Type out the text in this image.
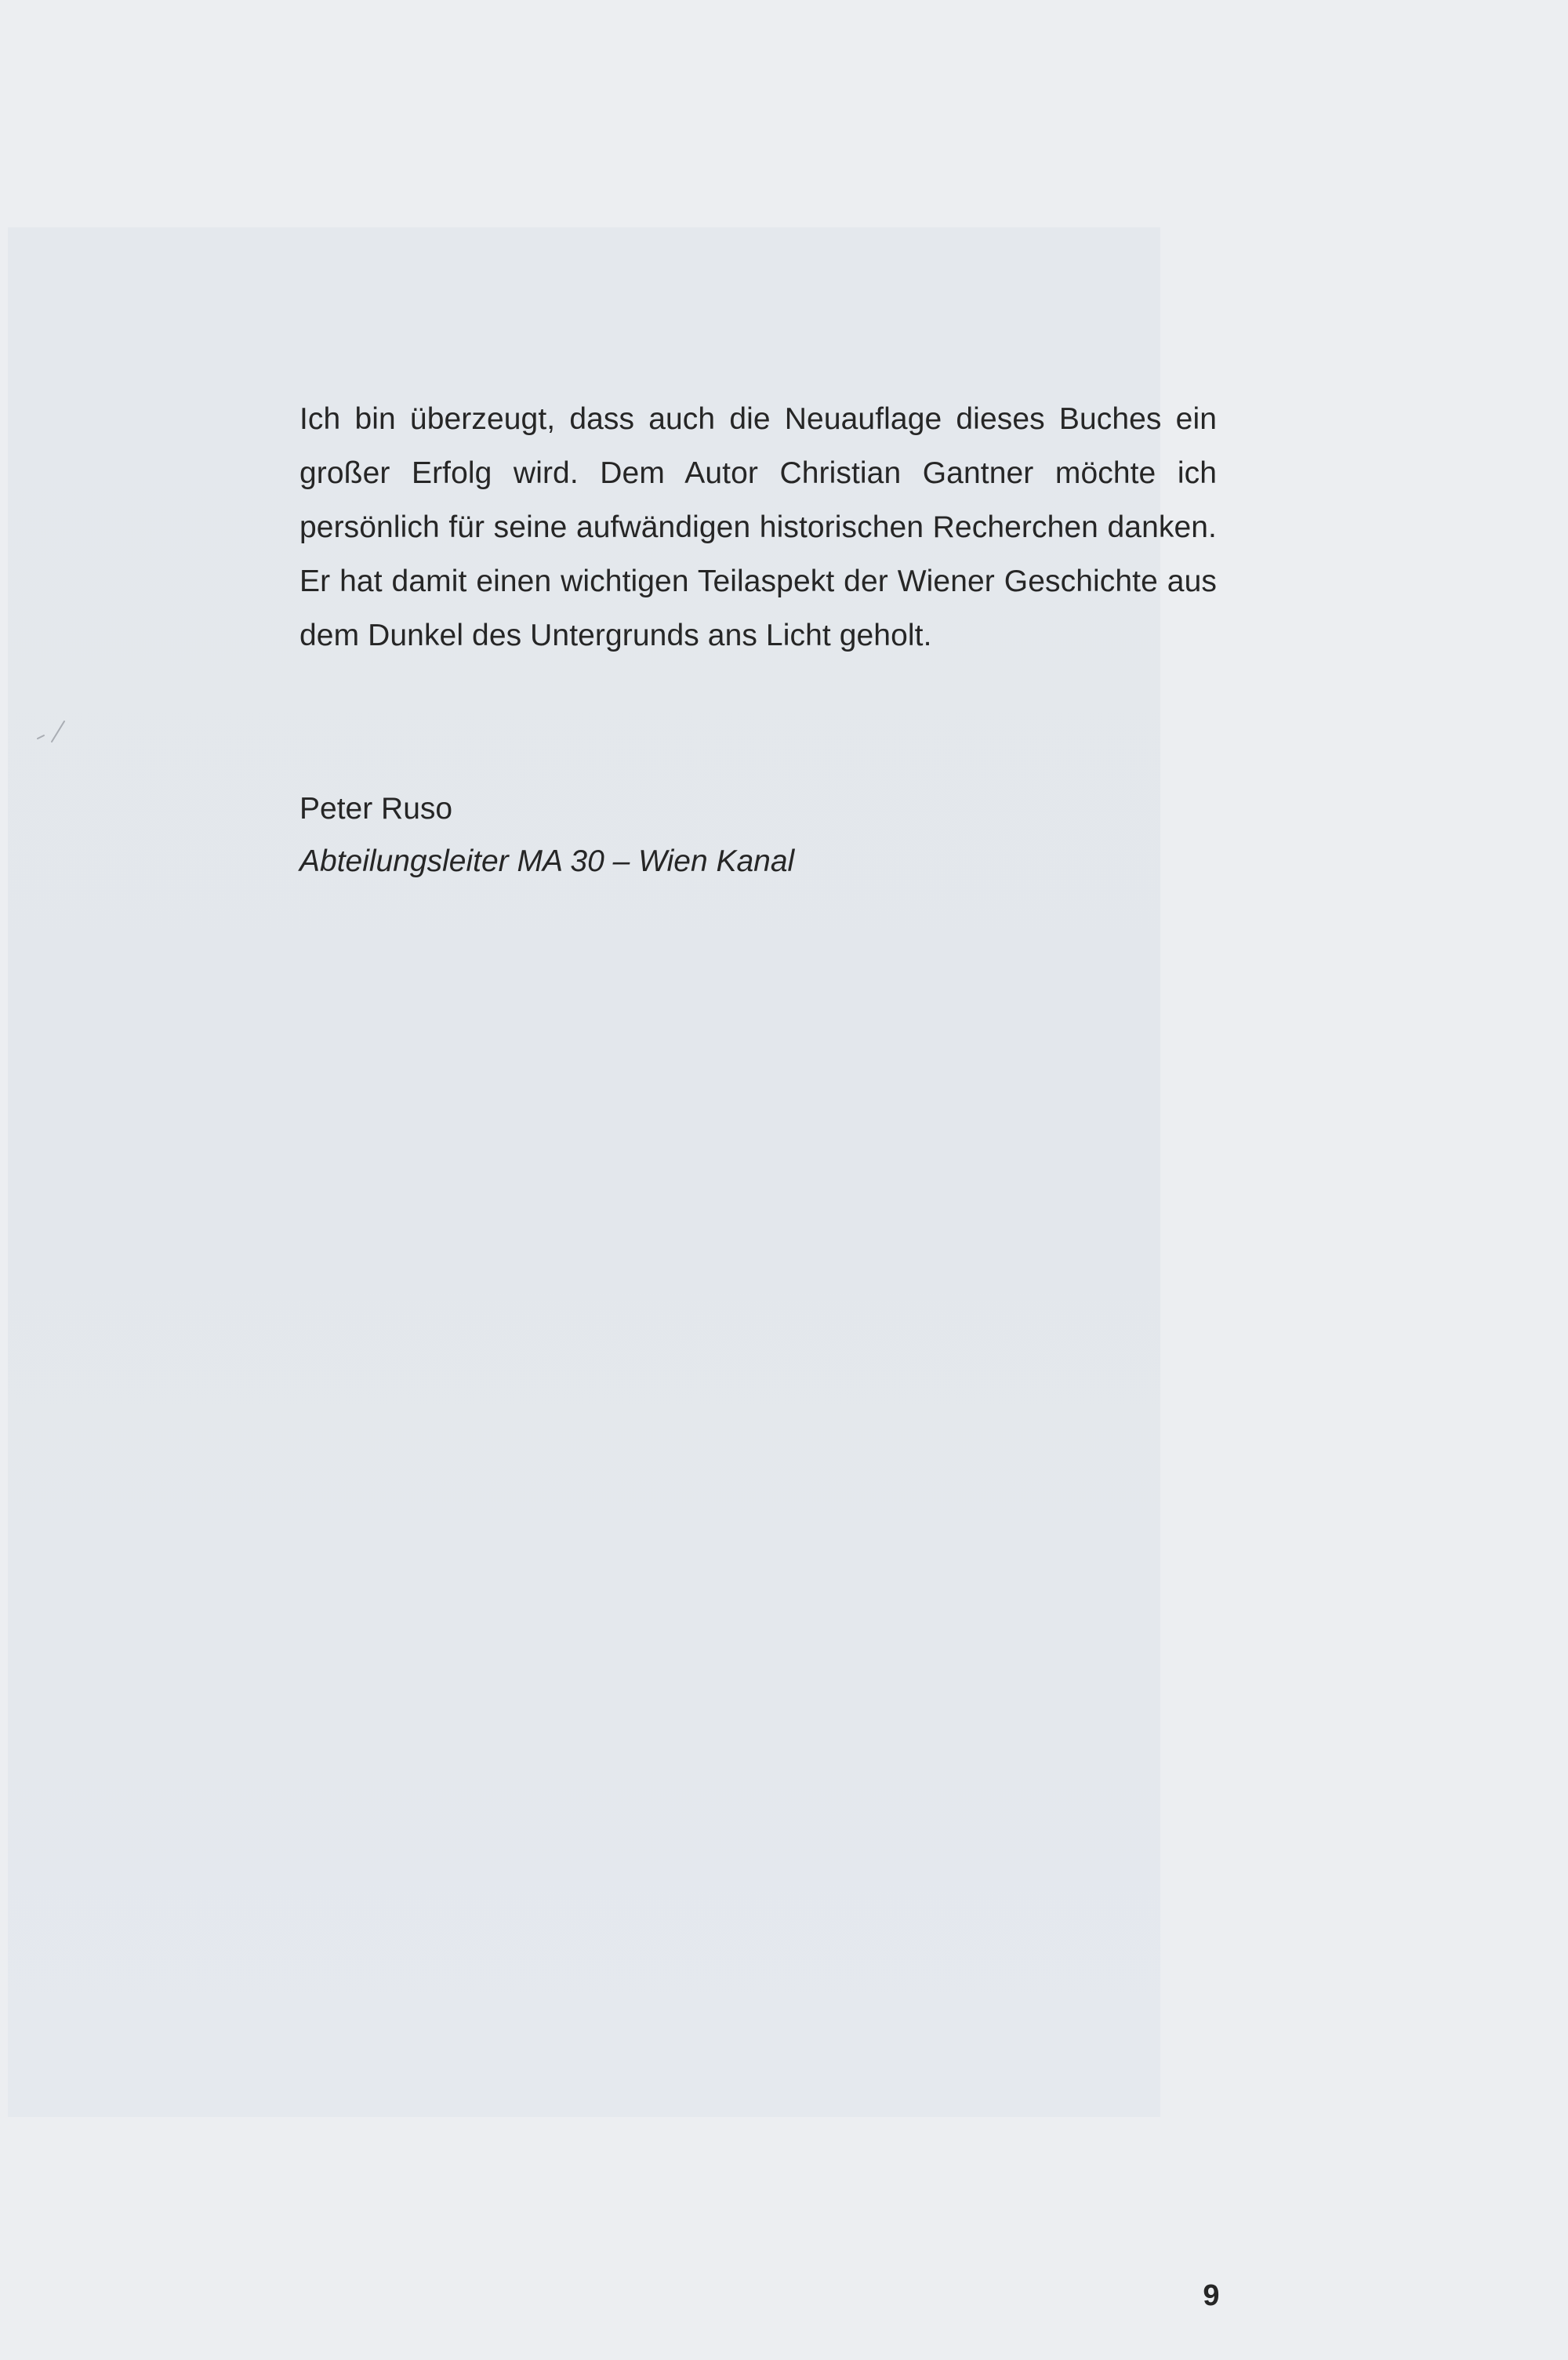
Ich bin überzeugt, dass auch die Neuauflage dieses Buches ein großer Erfolg wird. Dem Autor Christian Gantner möchte ich persönlich für seine aufwändigen historischen Recherchen danken. Er hat damit einen wichtigen Teilaspekt der Wiener Geschichte aus dem Dunkel des Untergrunds ans Licht geholt.

Peter Ruso
Abteilungsleiter MA 30 – Wien Kanal
9
